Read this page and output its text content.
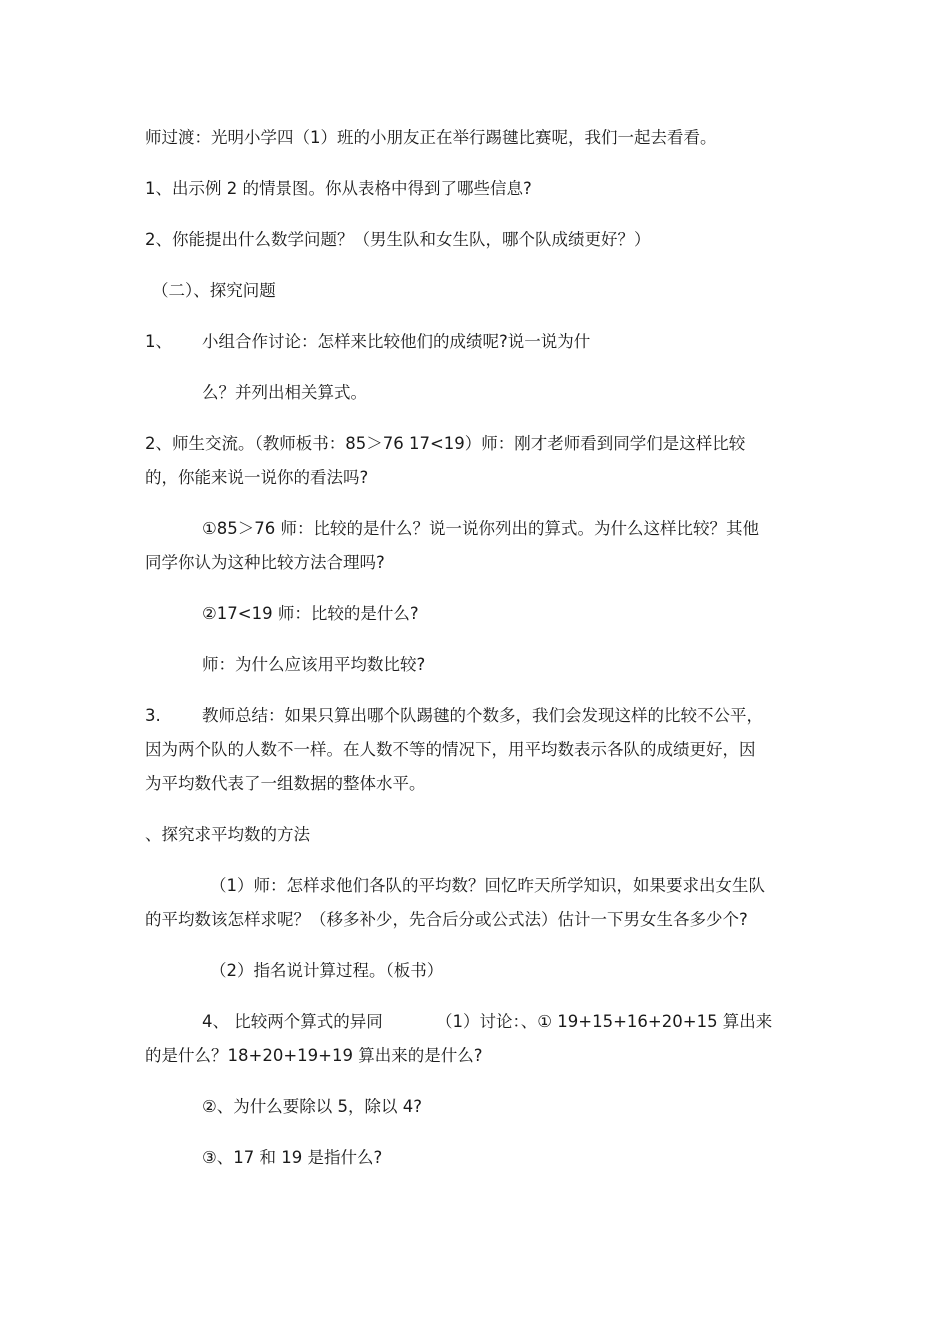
师过渡：光明小学四（1）班的小朋友正在举行踢毽比赛呢，我们一起去看看。
1、出示例 2 的情景图。你从表格中得到了哪些信息?
2、你能提出什么数学问题？（男生队和女生队，哪个队成绩更好？）
（二）、探究问题
1、 小组合作讨论：怎样来比较他们的成绩呢?说一说为什
么？并列出相关算式。
2、师生交流。（教师板书：85＞76 17<19）师：刚才老师看到同学们是这样比较
的，你能来说一说你的看法吗?
①85＞76 师：比较的是什么？说一说你列出的算式。为什么这样比较？其他
同学你认为这种比较方法合理吗?
②17<19 师：比较的是什么?
师：为什么应该用平均数比较?
3.	教师总结：如果只算出哪个队踢毽的个数多，我们会发现这样的比较不公平，
因为两个队的人数不一样。在人数不等的情况下，用平均数表示各队的成绩更好，因
为平均数代表了一组数据的整体水平。
、探究求平均数的方法
（1）师：怎样求他们各队的平均数？回忆昨天所学知识，如果要求出女生队
的平均数该怎样求呢？（移多补少，先合后分或公式法）估计一下男女生各多少个?
（2）指名说计算过程。（板书）
4、 比较两个算式的异同	（1）讨论：、① 19+15+16+20+15 算出来
的是什么？18+20+19+19 算出来的是什么?
②、为什么要除以 5，除以 4?
③、17 和 19 是指什么?
